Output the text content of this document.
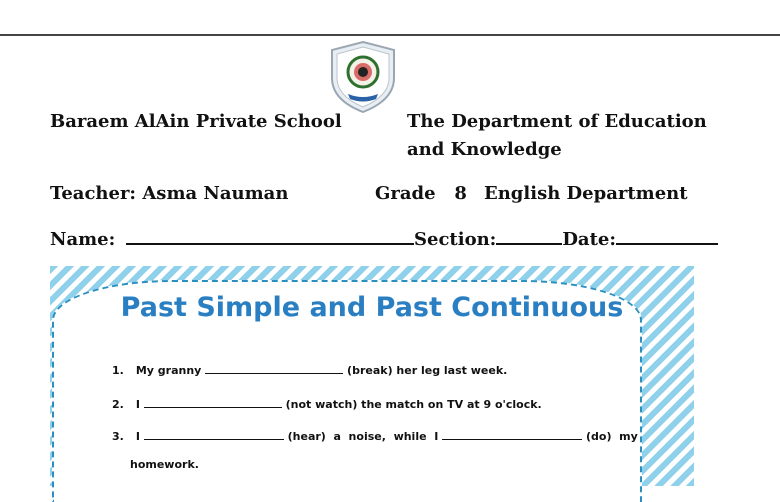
Baraem AlAin Private School	The Department of Education
and Knowledge
Teacher: Asma Nauman	Grade   8 English Department
Name:	Section:	Date:
Past Simple and Past Continuous
1. My granny	(break) her leg last week.
2. I	(not watch) the match on TV at 9 o'clock.
3. I	(hear)  a  noise,  while  I	(do)  my
homework.
